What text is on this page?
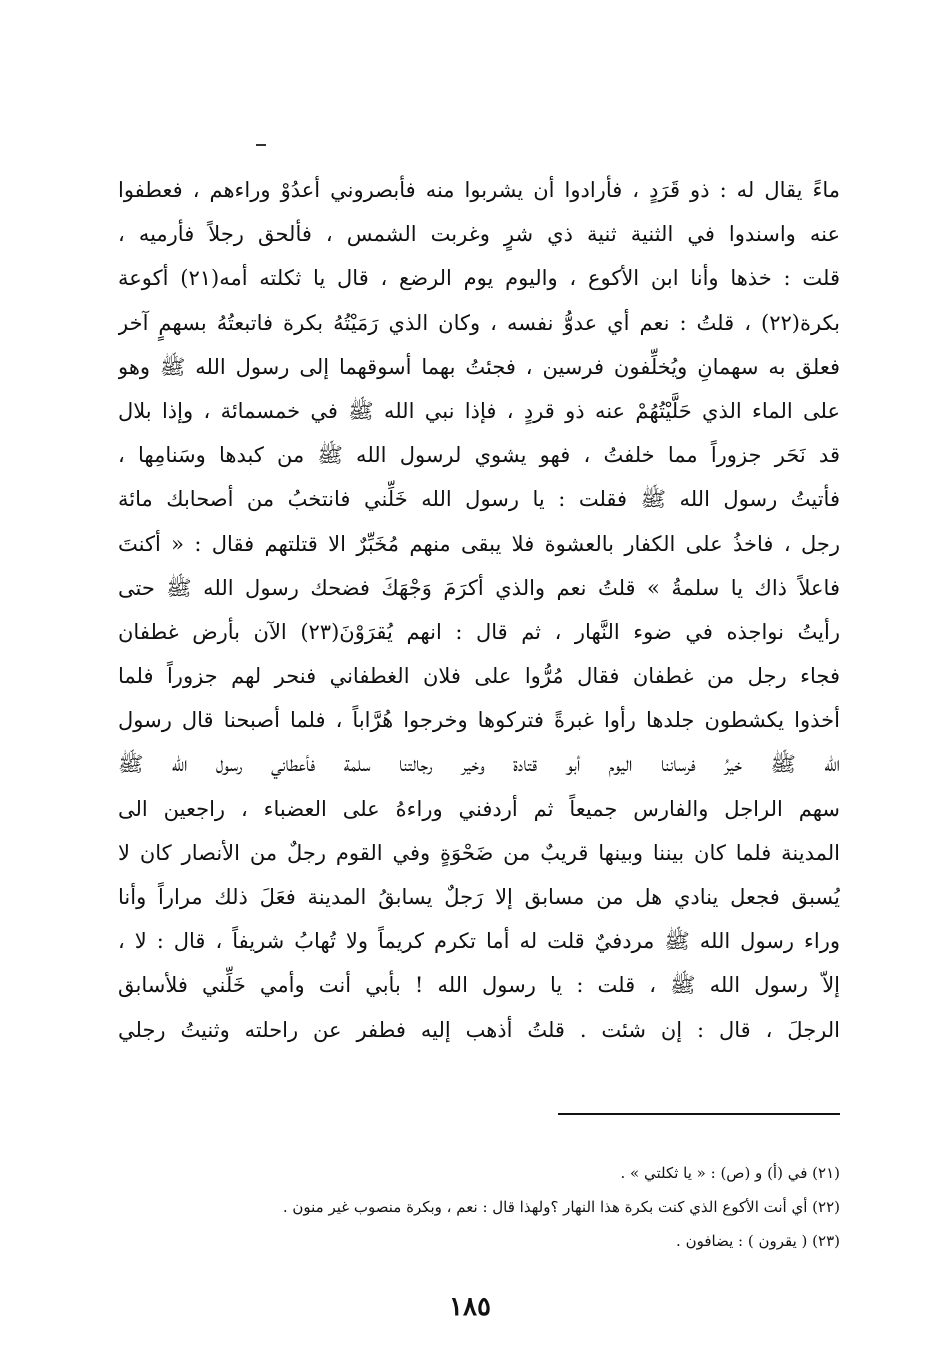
ماءً يقال له : ذو قَرَدٍ ، فأرادوا أن يشربوا منه فأبصروني أعدُوْ وراءهم ، فعطفوا
عنه واسندوا في الثنية ثنية ذي شرٍ وغربت الشمس ، فألحق رجلاً فأرميه ،
قلت : خذها وأنا ابن الأكوع ، واليوم يوم الرضع ، قال يا ثكلته أمه(٢١) أكوعة
بكرة(٢٢) ، قلتُ : نعم أي عدوُّ نفسه ، وكان الذي رَمَيْتُهُ بكرة فاتبعتُهُ بسهمٍ آخر
فعلق به سهمانِ ويُخلِّفون فرسين ، فجئتُ بهما أسوقهما إلى رسول الله ﷺ وهو
على الماء الذي حَلَّيْتُهُمْ عنه ذو قردٍ ، فإذا نبي الله ﷺ في خمسمائة ، وإذا بلال
قد نَحَر جزوراً مما خلفتُ ، فهو يشوي لرسول الله ﷺ من كبدها وسَنامِها ،
فأتيتُ رسول الله ﷺ فقلت : يا رسول الله خَلِّني فانتخبُ من أصحابك مائة
رجل ، فاخذُ على الكفار بالعشوة فلا يبقى منهم مُخَبِّرٌ الا قتلتهم فقال : « أكنتَ
فاعلاً ذاك يا سلمةُ » قلتُ نعم والذي أكرَمَ وَجْهَكَ فضحك رسول الله ﷺ حتى
رأيتُ نواجذه في ضوء النَّهار ، ثم قال : انهم يُقرَوْنَ(٢٣) الآن بأرض غطفان
فجاء رجل من غطفان فقال مُرُّوا على فلان الغطفاني فنحر لهم جزوراً فلما
أخذوا يكشطون جلدها رأوا غبرةً فتركوها وخرجوا هُرَّاباً ، فلما أصبحنا قال رسول
الله ﷺ خيرُ فرساننا اليوم أبو قتادة وخير رجالتنا سلمة فأعطاني رسول الله ﷺ
سهم الراجل والفارس جميعاً ثم أردفني وراءهُ على العضباء ، راجعين الى
المدينة فلما كان بيننا وبينها قريبٌ من ضَحْوَةٍ وفي القوم رجلٌ من الأنصار كان لا
يُسبق فجعل ينادي هل من مسابق إلا رَجلٌ يسابقُ المدينة فعَلَ ذلك مراراً وأنا
وراء رسول الله ﷺ مردفيٌ قلت له أما تكرم كريماً ولا تُهابُ شريفاً ، قال : لا ،
إلاّ رسول الله ﷺ ، قلت : يا رسول الله ! بأبي أنت وأمي خَلِّني فلأسابق
الرجلَ ، قال : إن شئت . قلتُ أذهب إليه فطفر عن راحلته وثنيتُ رجلي
(٢١) في (أ) و (ص) : « يا ثكلتي » .
(٢٢) أي أنت الأكوع الذي كنت بكرة هذا النهار ؟ولهذا قال : نعم ، وبكرة منصوب غير منون .
(٢٣) ( يقرون ) : يضافون .
١٨٥
